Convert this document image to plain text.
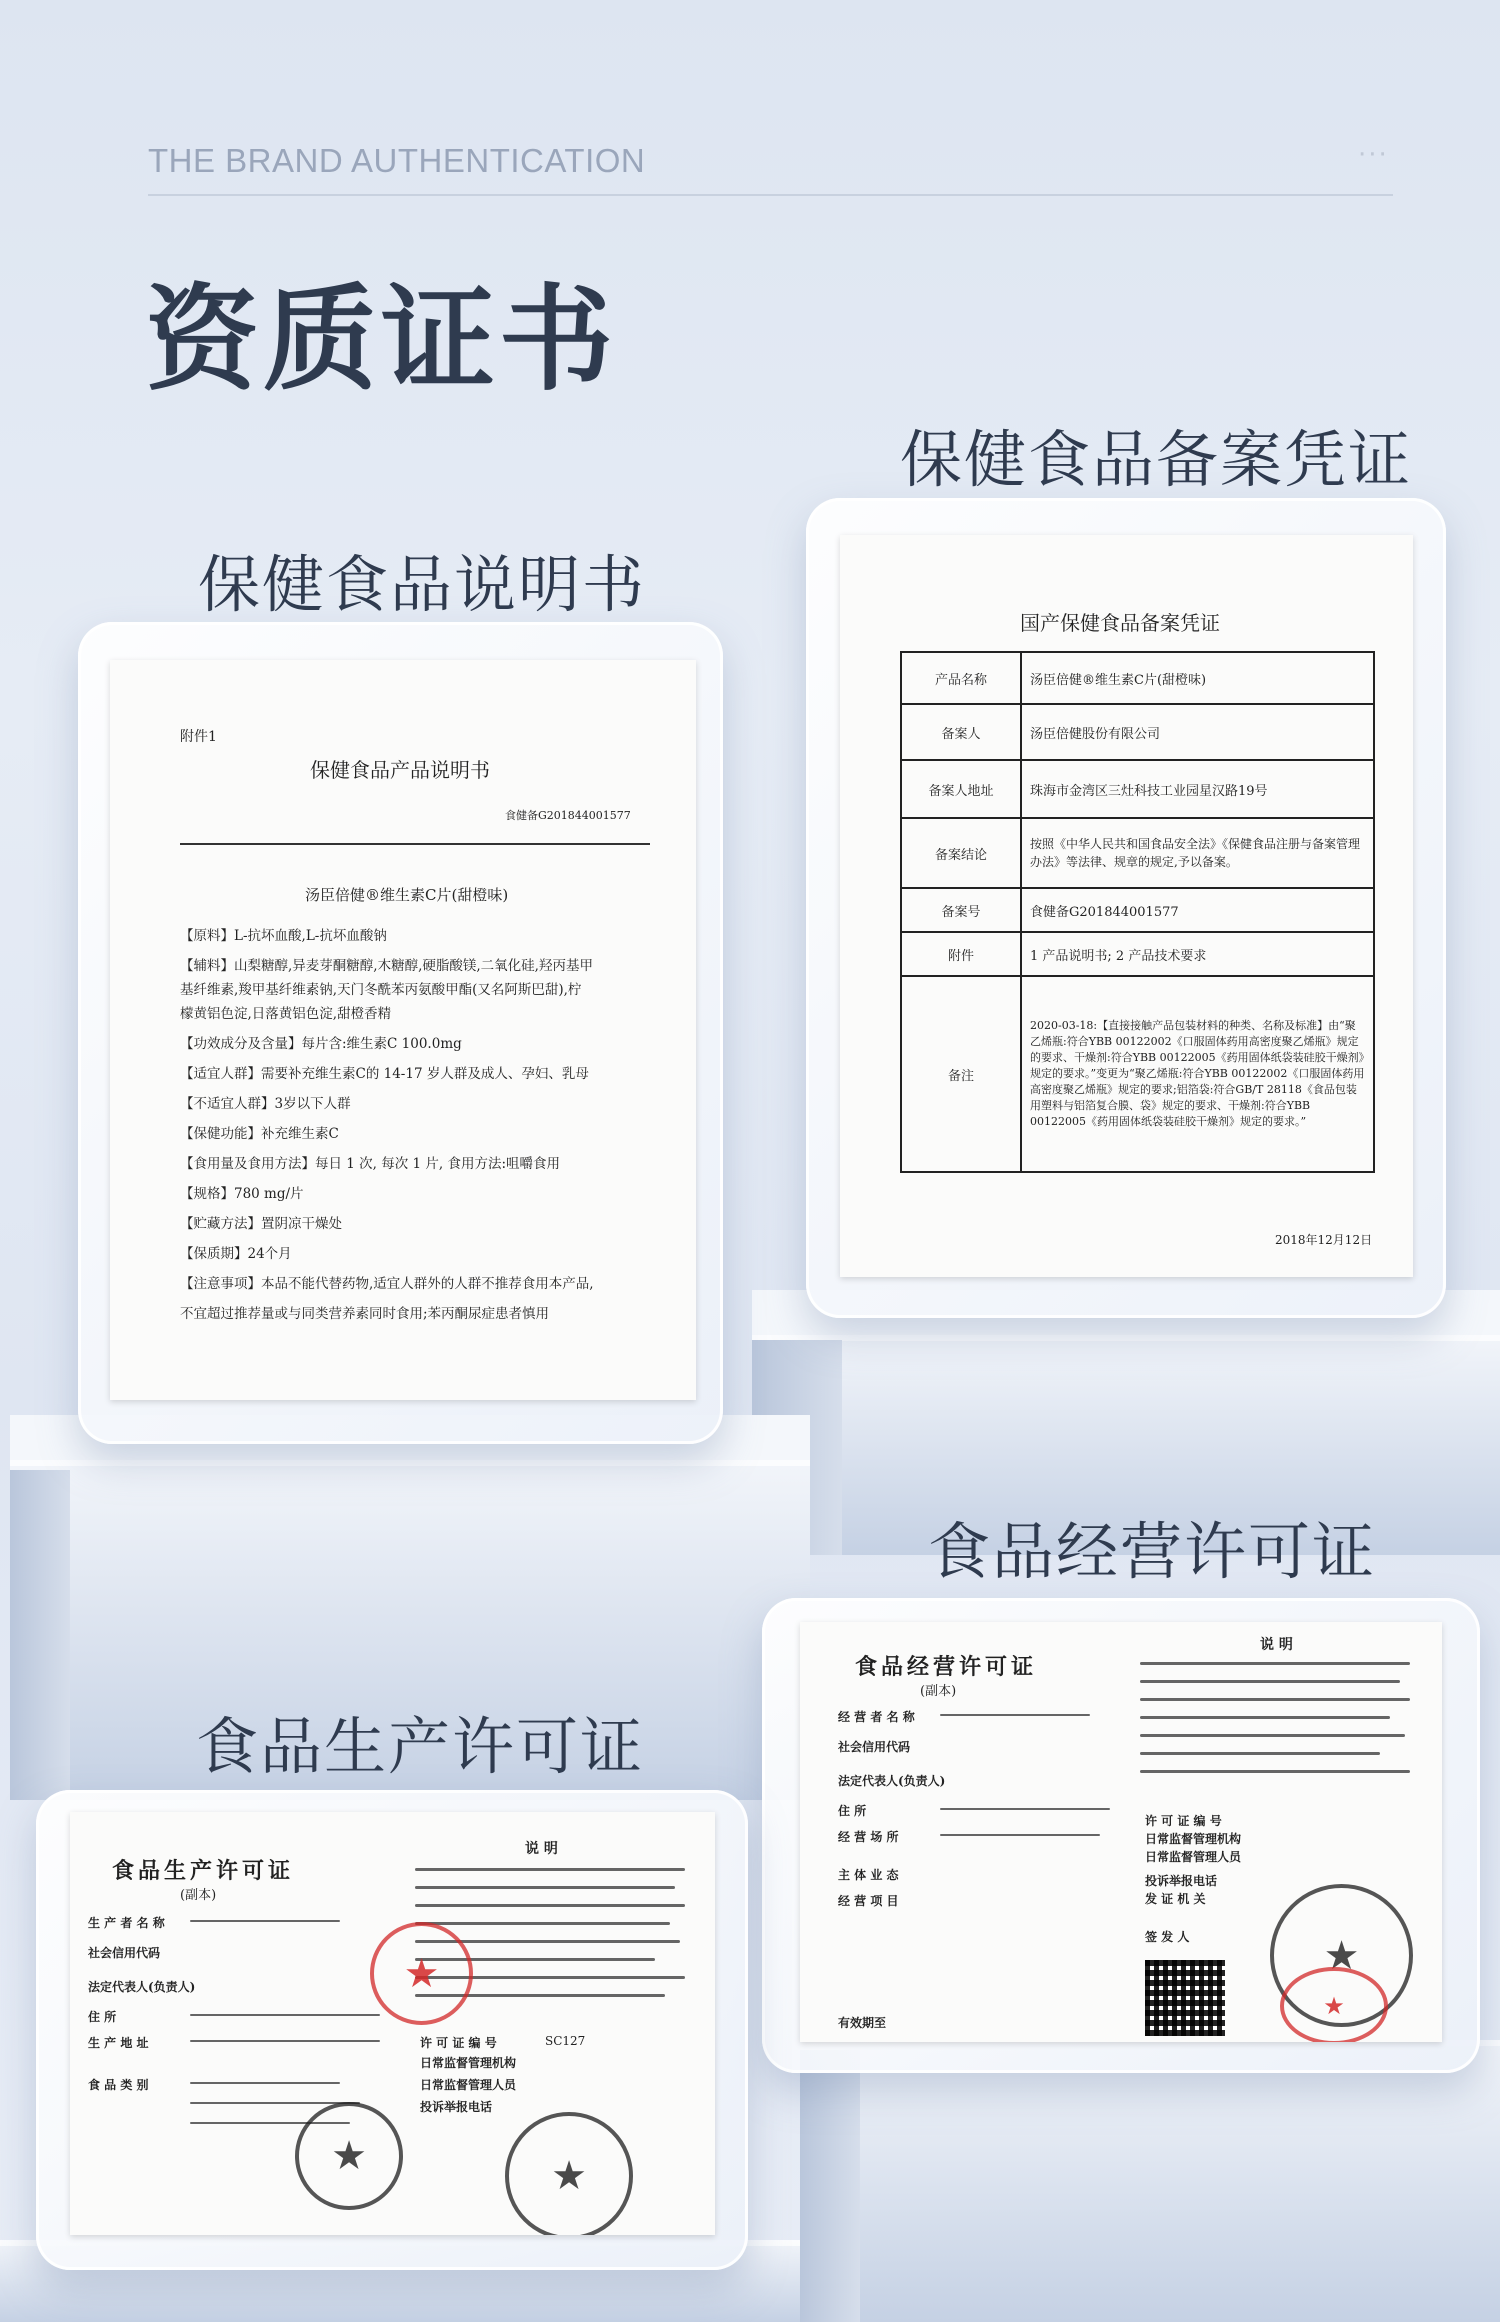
THE BRAND AUTHENTICATION	···
资质证书
保健食品备案凭证
保健食品说明书
食品经营许可证
食品生产许可证
附件1
保健食品产品说明书
食健备G201844001577
汤臣倍健®维生素C片(甜橙味)
【原料】L-抗坏血酸,L-抗坏血酸钠
【辅料】山梨糖醇,异麦芽酮糖醇,木糖醇,硬脂酸镁,二氧化硅,羟丙基甲
基纤维素,羧甲基纤维素钠,天门冬酰苯丙氨酸甲酯(又名阿斯巴甜),柠
檬黄铝色淀,日落黄铝色淀,甜橙香精
【功效成分及含量】每片含:维生素C 100.0mg
【适宜人群】需要补充维生素C的 14-17 岁人群及成人、孕妇、乳母
【不适宜人群】3岁以下人群
【保健功能】补充维生素C
【食用量及食用方法】每日 1 次, 每次 1 片, 食用方法:咀嚼食用
【规格】780 mg/片
【贮藏方法】置阴凉干燥处
【保质期】24个月
【注意事项】本品不能代替药物,适宜人群外的人群不推荐食用本产品,
不宜超过推荐量或与同类营养素同时食用;苯丙酮尿症患者慎用
国产保健食品备案凭证
产品名称	汤臣倍健®维生素C片(甜橙味)
备案人	汤臣倍健股份有限公司
备案人地址	珠海市金湾区三灶科技工业园星汉路19号
备案结论	按照《中华人民共和国食品安全法》《保健食品注册与备案管理办法》等法律、规章的规定,予以备案。
备案号	食健备G201844001577
附件	1 产品说明书; 2 产品技术要求
备注	2020-03-18:【直接接触产品包装材料的种类、名称及标准】由“聚乙烯瓶:符合YBB 00122002《口服固体药用高密度聚乙烯瓶》规定的要求、干燥剂:符合YBB 00122005《药用固体纸袋装硅胶干燥剂》规定的要求。”变更为“聚乙烯瓶:符合YBB 00122002《口服固体药用高密度聚乙烯瓶》规定的要求;铝箔袋:符合GB/T 28118《食品包装用塑料与铝箔复合膜、袋》规定的要求、干燥剂:符合YBB 00122005《药用固体纸袋装硅胶干燥剂》规定的要求。”
2018年12月12日
食品经营许可证
(副本)
说 明
经 营 者 名 称
社会信用代码
法定代表人(负责人)
住 所
经 营 场 所
主 体 业 态
经 营 项 目
有效期至
许 可 证 编 号
日常监督管理机构
日常监督管理人员
投诉举报电话
发 证 机 关
签 发 人	★
★
食品生产许可证
(副本)
说 明
生 产 者 名 称
社会信用代码
法定代表人(负责人)
住 所
生 产 地 址
食 品 类 别
许 可 证 编 号	SC127
日常监督管理机构
日常监督管理人员
投诉举报电话
★
★	★
